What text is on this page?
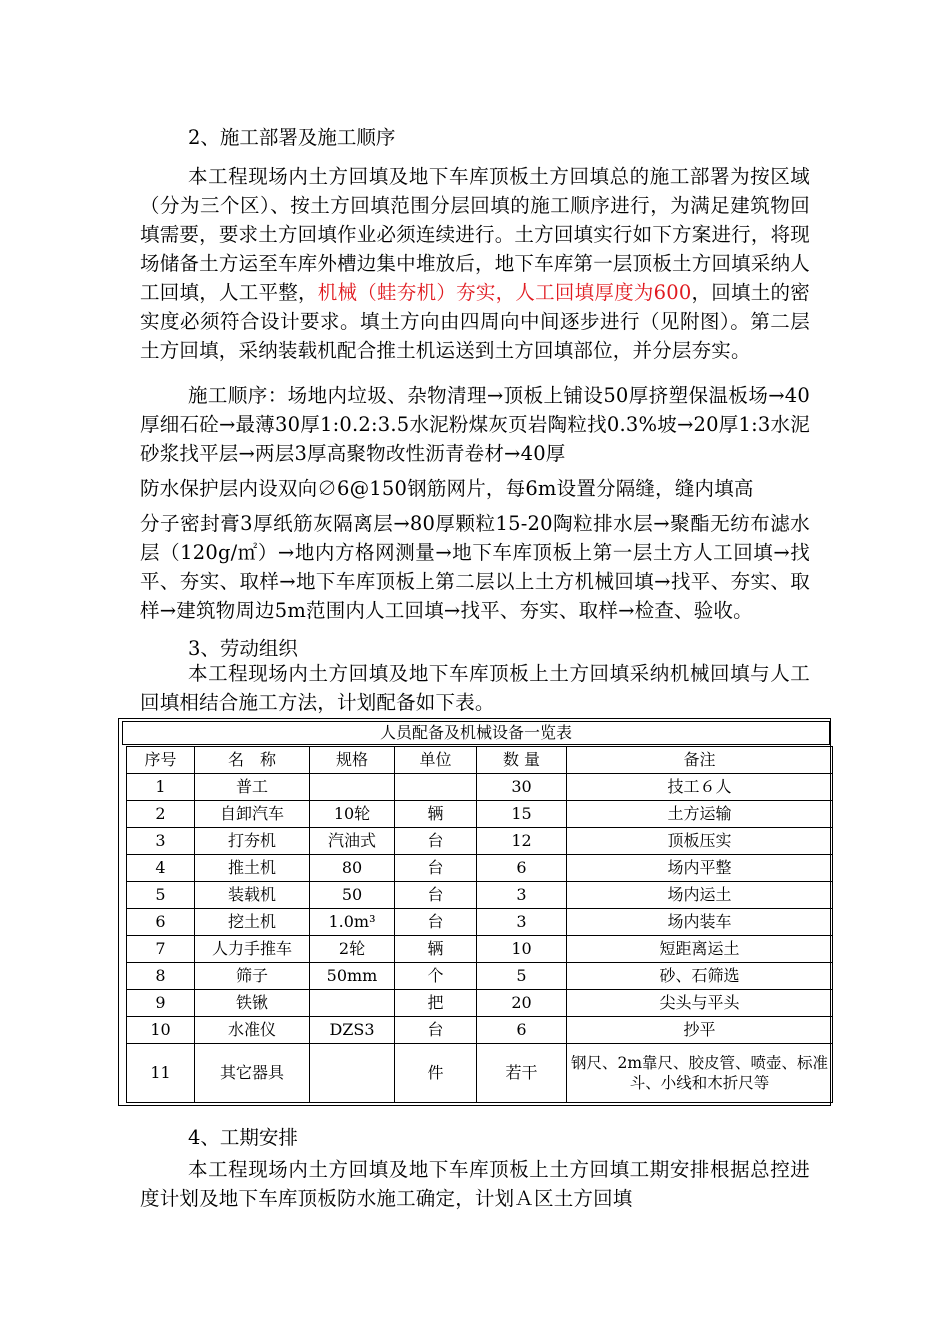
2、施工部署及施工顺序
本工程现场内土方回填及地下车库顶板土方回填总的施工部署为按区域（分为三个区）、按土方回填范围分层回填的施工顺序进行，为满足建筑物回填需要，要求土方回填作业必须连续进行。土方回填实行如下方案进行，将现场储备土方运至车库外槽边集中堆放后，地下车库第一层顶板土方回填采纳人工回填，人工平整，机械（蛙夯机）夯实，人工回填厚度为600，回填土的密实度必须符合设计要求。填土方向由四周向中间逐步进行（见附图）。第二层土方回填，采纳装载机配合推土机运送到土方回填部位，并分层夯实。
施工顺序：场地内垃圾、杂物清理→顶板上铺设50厚挤塑保温板场→40厚细石砼→最薄30厚1:0.2:3.5水泥粉煤灰页岩陶粒找0.3%坡→20厚1:3水泥砂浆找平层→两层3厚高聚物改性沥青卷材→40厚
防水保护层内设双向∅6@150钢筋网片，每6m设置分隔缝，缝内填高
分子密封膏3厚纸筋灰隔离层→80厚颗粒15-20陶粒排水层→聚酯无纺布滤水层（120g/㎡）→地内方格网测量→地下车库顶板上第一层土方人工回填→找平、夯实、取样→地下车库顶板上第二层以上土方机械回填→找平、夯实、取样→建筑物周边5m范围内人工回填→找平、夯实、取样→检查、验收。
3、劳动组织
本工程现场内土方回填及地下车库顶板上土方回填采纳机械回填与人工回填相结合施工方法，计划配备如下表。
人员配备及机械设备一览表
序号	名　称	规格	单位	数 量	备注
1	普工			30	技工６人
2	自卸汽车	10轮	辆	15	土方运输
3	打夯机	汽油式	台	12	顶板压实
4	推土机	80	台	6	场内平整
5	装载机	50	台	3	场内运土
6	挖土机	1.0m³	台	3	场内装车
7	人力手推车	2轮	辆	10	短距离运土
8	筛子	50mm	个	5	砂、石筛选
9	铁锹		把	20	尖头与平头
10	水准仪	DZS3	台	6	抄平
11	其它器具		件	若干	钢尺、2m靠尺、胶皮管、喷壶、标准斗、小线和木折尺等
4、工期安排
本工程现场内土方回填及地下车库顶板上土方回填工期安排根据总控进度计划及地下车库顶板防水施工确定，计划Ａ区土方回填
